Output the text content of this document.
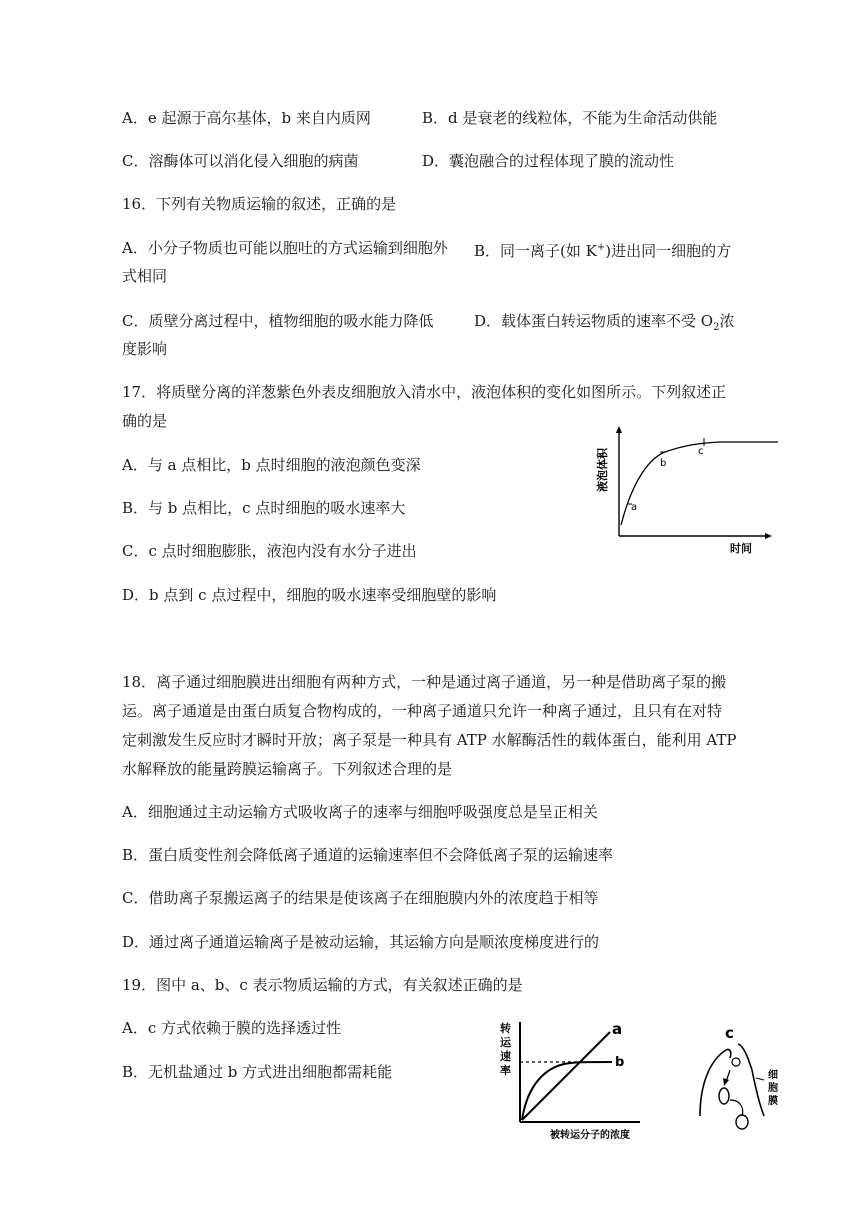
A．e 起源于高尔基体，b 来自内质网	B．d 是衰老的线粒体，不能为生命活动供能
C．溶酶体可以消化侵入细胞的病菌	D．囊泡融合的过程体现了膜的流动性
16．下列有关物质运输的叙述，正确的是
A．小分子物质也可能以胞吐的方式运输到细胞外 B．同一离子(如 K+)进出同一细胞的方
式相同
C．质壁分离过程中，植物细胞的吸水能力降低	D．载体蛋白转运物质的速率不受 $O_2$浓
度影响
17．将质壁分离的洋葱紫色外表皮细胞放入清水中，液泡体积的变化如图所示。下列叙述正
确的是
A．与 a 点相比，b 点时细胞的液泡颜色变深
B．与 b 点相比，c 点时细胞的吸水速率大
C．c 点时细胞膨胀，液泡内没有水分子进出
D．b 点到 c 点过程中，细胞的吸水速率受细胞壁的影响
a
b
c
液泡体积
时间
18．离子通过细胞膜进出细胞有两种方式，一种是通过离子通道，另一种是借助离子泵的搬
运。离子通道是由蛋白质复合物构成的，一种离子通道只允许一种离子通过，且只有在对特
定刺激发生反应时才瞬时开放；离子泵是一种具有 ATP 水解酶活性的载体蛋白，能利用 ATP
水解释放的能量跨膜运输离子。下列叙述合理的是
A．细胞通过主动运输方式吸收离子的速率与细胞呼吸强度总是呈正相关
B．蛋白质变性剂会降低离子通道的运输速率但不会降低离子泵的运输速率
C．借助离子泵搬运离子的结果是使该离子在细胞膜内外的浓度趋于相等
D．通过离子通道运输离子是被动运输，其运输方向是顺浓度梯度进行的
19．图中 a、b、c 表示物质运输的方式，有关叙述正确的是
A．c 方式依赖于膜的选择透过性
B．无机盐通过 b 方式进出细胞都需耗能
转
运
速
率
a
b
被转运分子的浓度
c
细
胞
膜
